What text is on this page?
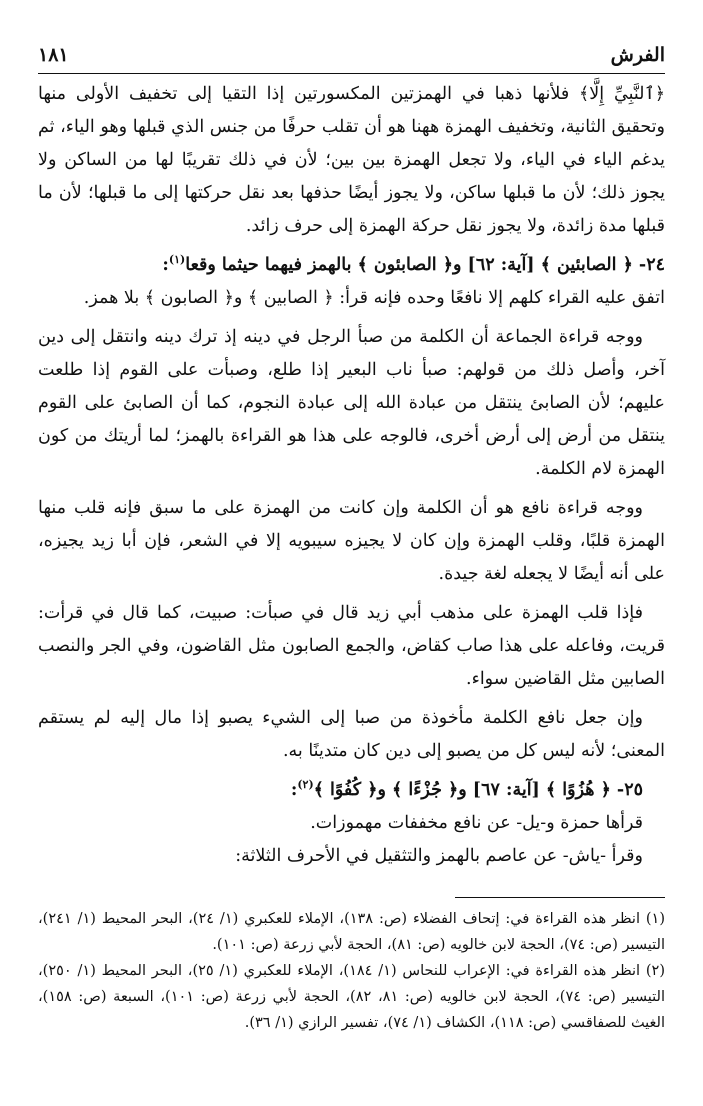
الفرش
١٨١

﴿ٱلنَّبِيِّ إِلَّا﴾ فلأنها ذهبا في الهمزتين المكسورتين إذا التقيا إلى تخفيف الأولى منها وتحقيق الثانية، وتخفيف الهمزة ههنا هو أن تقلب حرفًا من جنس الذي قبلها وهو الياء، ثم يدغم الياء في الياء، ولا تجعل الهمزة بين بين؛ لأن في ذلك تقريبًا لها من الساكن ولا يجوز ذلك؛ لأن ما قبلها ساكن، ولا يجوز أيضًا حذفها بعد نقل حركتها إلى ما قبلها؛ لأن ما قبلها مدة زائدة، ولا يجوز نقل حركة الهمزة إلى حرف زائد.

٢٤- ﴿ الصابئين ﴾ [آية: ٦٢] و﴿ الصابئون ﴾ بالهمز فيهما حيثما وقعا$^{(١)}$:

اتفق عليه القراء كلهم إلا نافعًا وحده فإنه قرأ: ﴿ الصابين ﴾ و﴿ الصابون ﴾ بلا همز.

ووجه قراءة الجماعة أن الكلمة من صبأ الرجل في دينه إذ ترك دينه وانتقل إلى دين آخر، وأصل ذلك من قولهم: صبأ ناب البعير إذا طلع، وصبأت على القوم إذا طلعت عليهم؛ لأن الصابئ ينتقل من عبادة الله إلى عبادة النجوم، كما أن الصابئ على القوم ينتقل من أرض إلى أرض أخرى، فالوجه على هذا هو القراءة بالهمز؛ لما أريتك من كون الهمزة لام الكلمة.

ووجه قراءة نافع هو أن الكلمة وإن كانت من الهمزة على ما سبق فإنه قلب منها الهمزة قلبًا، وقلب الهمزة وإن كان لا يجيزه سيبويه إلا في الشعر، فإن أبا زيد يجيزه، على أنه أيضًا لا يجعله لغة جيدة.

فإذا قلب الهمزة على مذهب أبي زيد قال في صبأت: صبيت، كما قال في قرأت: قريت، وفاعله على هذا صاب كقاض، والجمع الصابون مثل القاضون، وفي الجر والنصب الصابين مثل القاضين سواء.

وإن جعل نافع الكلمة مأخوذة من صبا إلى الشيء يصبو إذا مال إليه لم يستقم المعنى؛ لأنه ليس كل من يصبو إلى دين كان متدينًا به.

٢٥- ﴿ هُزُوًا ﴾ [آية: ٦٧] و﴿ جُزْءًا ﴾ و﴿ كُفُوًا ﴾$^{(٢)}$:

قرأها حمزة و-يل- عن نافع مخففات مهموزات.

وقرأ -ياش- عن عاصم بالهمز والتثقيل في الأحرف الثلاثة:

(١) انظر هذه القراءة في: إتحاف الفضلاء (ص: ١٣٨)، الإملاء للعكبري (١/ ٢٤)، البحر المحيط (١/ ٢٤١)، التيسير (ص: ٧٤)، الحجة لابن خالويه (ص: ٨١)، الحجة لأبي زرعة (ص: ١٠١).

(٢) انظر هذه القراءة في: الإعراب للنحاس (١/ ١٨٤)، الإملاء للعكبري (١/ ٢٥)، البحر المحيط (١/ ٢٥٠)، التيسير (ص: ٧٤)، الحجة لابن خالويه (ص: ٨١، ٨٢)، الحجة لأبي زرعة (ص: ١٠١)، السبعة (ص: ١٥٨)، الغيث للصفاقسي (ص: ١١٨)، الكشاف (١/ ٧٤)، تفسير الرازي (١/ ٣٦).
